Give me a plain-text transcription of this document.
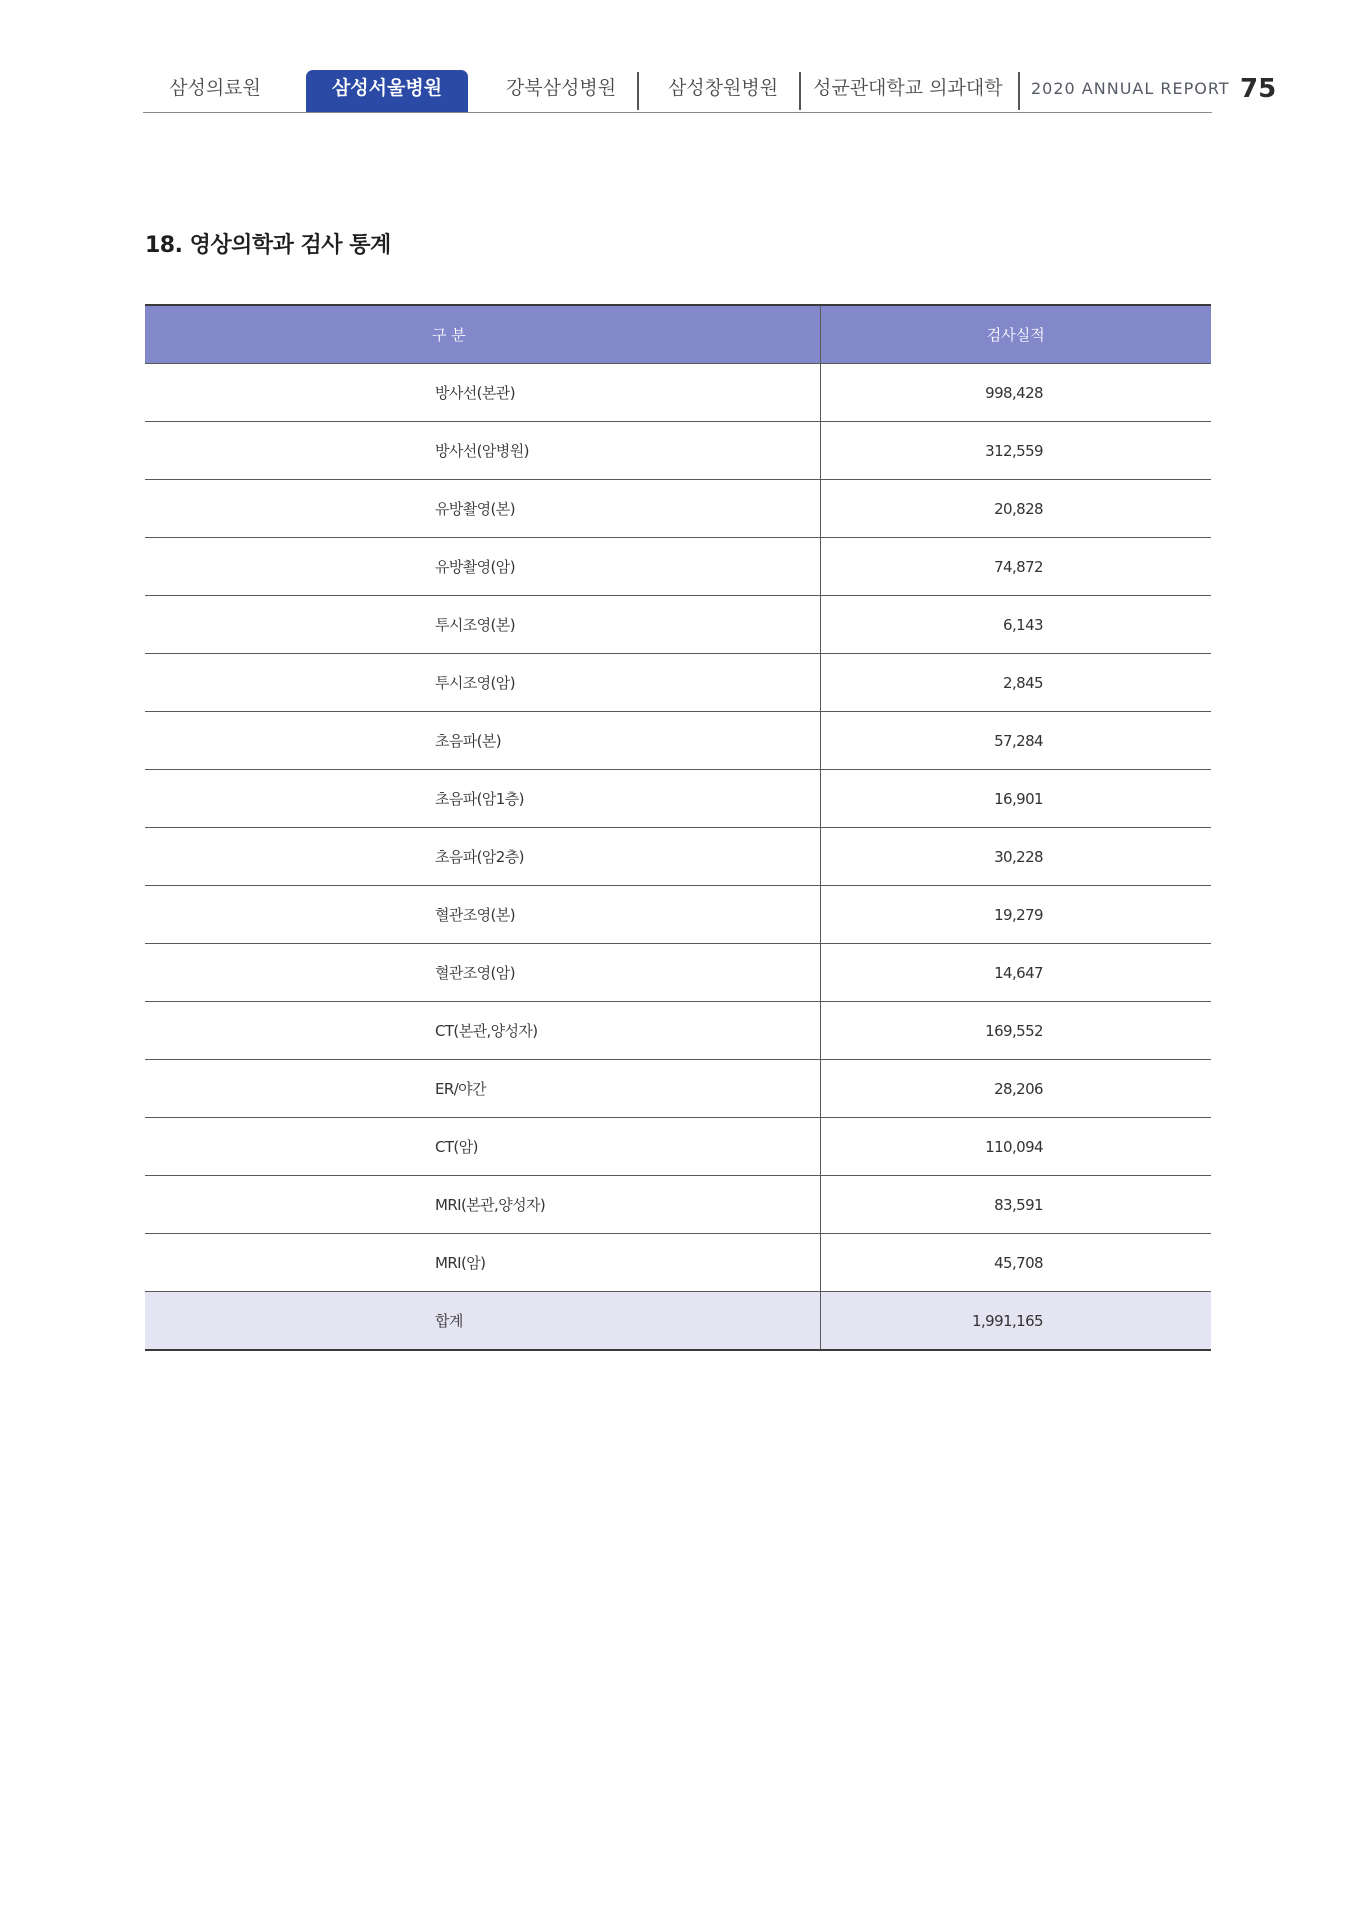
삼성의료원	삼성서울병원	강북삼성병원	삼성창원병원	성균관대학교 의과대학 2020 ANNUAL REPORT 75
18. 영상의학과 검사 통계
구 분	검사실적
방사선(본관)	998,428
방사선(암병원)	312,559
유방촬영(본)	20,828
유방촬영(암)	74,872
투시조영(본)	6,143
투시조영(암)	2,845
초음파(본)	57,284
초음파(암1층)	16,901
초음파(암2층)	30,228
혈관조영(본)	19,279
혈관조영(암)	14,647
CT(본관,양성자)	169,552
ER/야간	28,206
CT(암)	110,094
MRI(본관,양성자)	83,591
MRI(암)	45,708
합계	1,991,165
